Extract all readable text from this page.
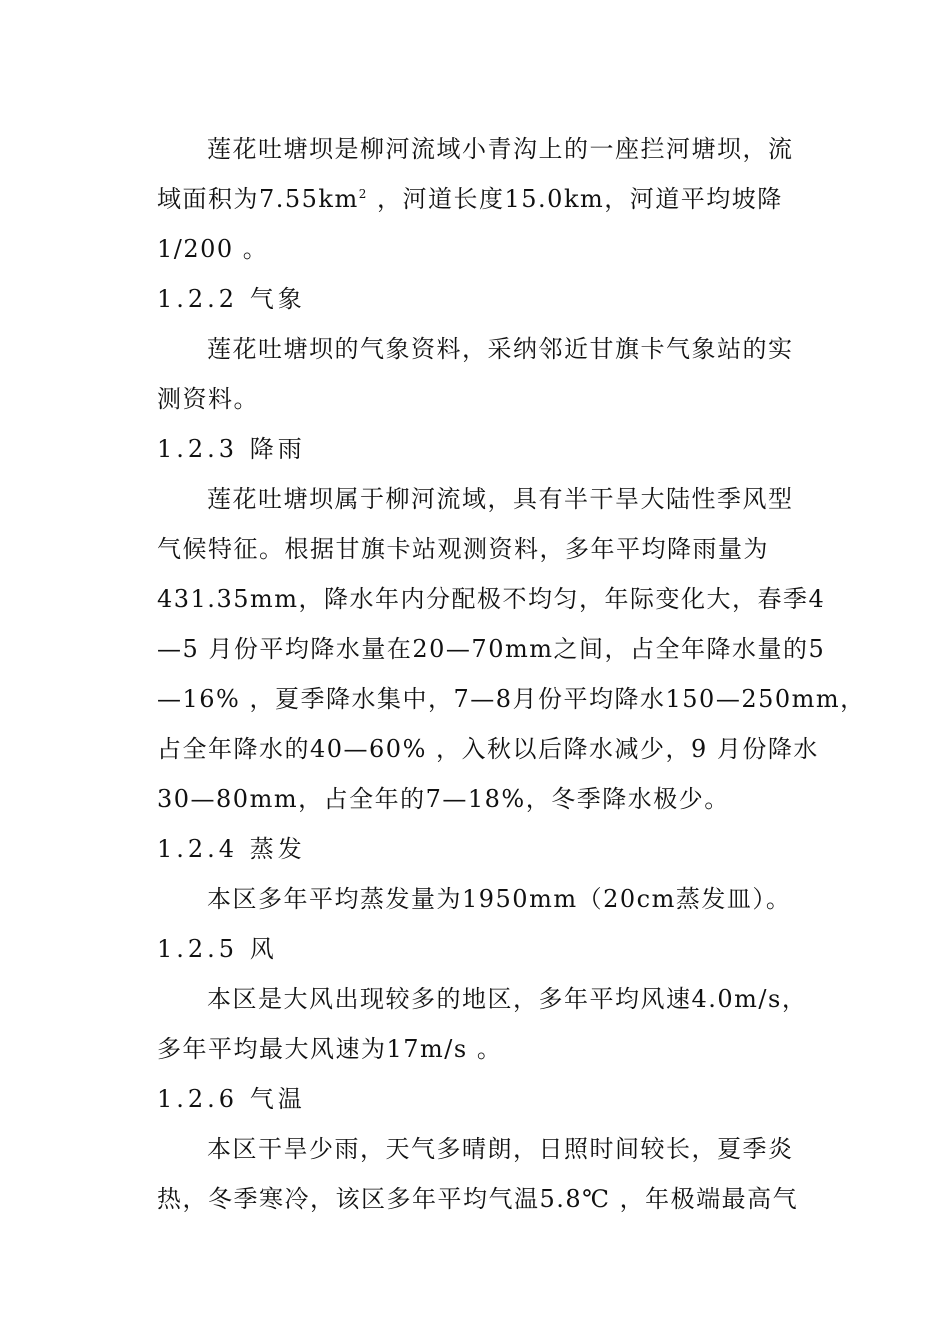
莲花吐塘坝是柳河流域小青沟上的一座拦河塘坝，流
域面积为$7.55km^2$ ，河道长度15.0km，河道平均坡降
1/200 。
1.2.2 气象
莲花吐塘坝的气象资料，采纳邻近甘旗卡气象站的实
测资料。
1.2.3 降雨
莲花吐塘坝属于柳河流域，具有半干旱大陆性季风型
气候特征。根据甘旗卡站观测资料，多年平均降雨量为
431.35mm，降水年内分配极不均匀，年际变化大，春季4
—5 月份平均降水量在20—70mm之间，占全年降水量的5
—16% ，夏季降水集中，7—8月份平均降水150—250mm，
占全年降水的40—60% ，入秋以后降水减少，9 月份降水
30—80mm，占全年的7—18%，冬季降水极少。
1.2.4 蒸发
本区多年平均蒸发量为1950mm（20cm蒸发皿）。
1.2.5 风
本区是大风出现较多的地区，多年平均风速4.0m/s，
多年平均最大风速为17m/s 。
1.2.6 气温
本区干旱少雨，天气多晴朗，日照时间较长，夏季炎
热，冬季寒冷，该区多年平均气温5.8℃ ，年极端最高气
